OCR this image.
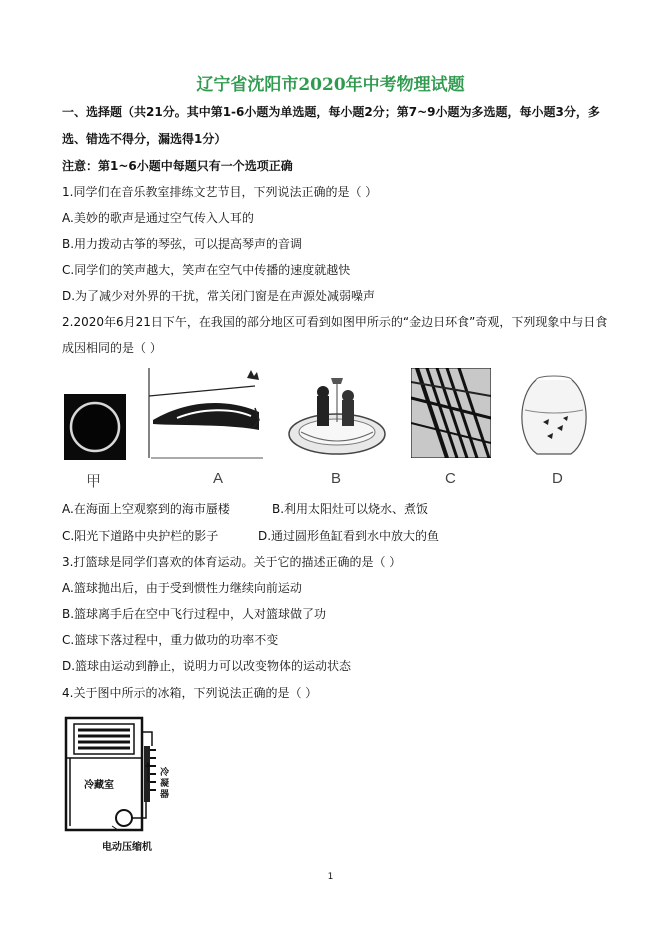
辽宁省沈阳市2020年中考物理试题
一、选择题（共21分。其中第1-6小题为单选题，每小题2分；第7~9小题为多选题，每小题3分，多
选、错选不得分，漏选得1分）
注意：第1~6小题中每题只有一个选项正确
1.同学们在音乐教室排练文艺节目，下列说法正确的是（ ）
A.美妙的歌声是通过空气传入人耳的
B.用力拨动古筝的琴弦，可以提高琴声的音调
C.同学们的笑声越大，笑声在空气中传播的速度就越快
D.为了减少对外界的干扰，常关闭门窗是在声源处减弱噪声
2.2020年6月21日下午，在我国的部分地区可看到如图甲所示的“金边日环食”奇观，下列现象中与日食
成因相同的是（ ）
甲	A	B	C	D
A.在海面上空观察到的海市蜃楼	B.利用太阳灶可以烧水、煮饭
C.阳光下道路中央护栏的影子	D.通过圆形鱼缸看到水中放大的鱼
3.打篮球是同学们喜欢的体育运动。关于它的描述正确的是（ ）
A.篮球抛出后，由于受到惯性力继续向前运动
B.篮球离手后在空中飞行过程中，人对篮球做了功
C.篮球下落过程中，重力做功的功率不变
D.篮球由运动到静止，说明力可以改变物体的运动状态
4.关于图中所示的冰箱，下列说法正确的是（ ）
冷藏室
冷凝器
电动压缩机
1
